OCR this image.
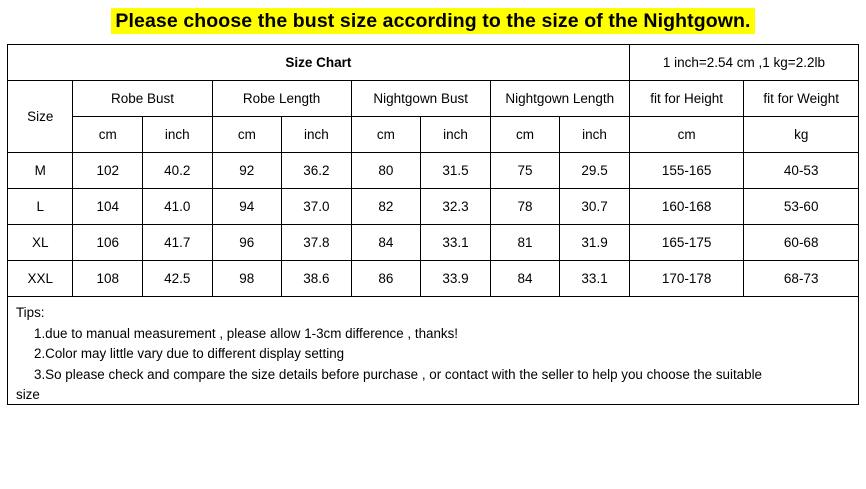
Please choose the bust size according to the size of the Nightgown.
Size Chart									1 inch=2.54 cm ,1 kg=2.2lb	
Size	Robe Bust		Robe Length		Nightgown Bust		Nightgown Length		fit for Height	fit for Weight
	cm	inch	cm	inch	cm	inch	cm	inch	cm	kg
M	102	40.2	92	36.2	80	31.5	75	29.5	155-165	40-53
L	104	41.0	94	37.0	82	32.3	78	30.7	160-168	53-60
XL	106	41.7	96	37.8	84	33.1	81	31.9	165-175	60-68
XXL	108	42.5	98	38.6	86	33.9	84	33.1	170-178	68-73
Tips:
1.due to manual measurement , please allow 1-3cm difference , thanks!
2.Color may little vary due to different display setting
3.So please check and compare the size details before purchase , or contact with the seller to help you choose the suitable
size
